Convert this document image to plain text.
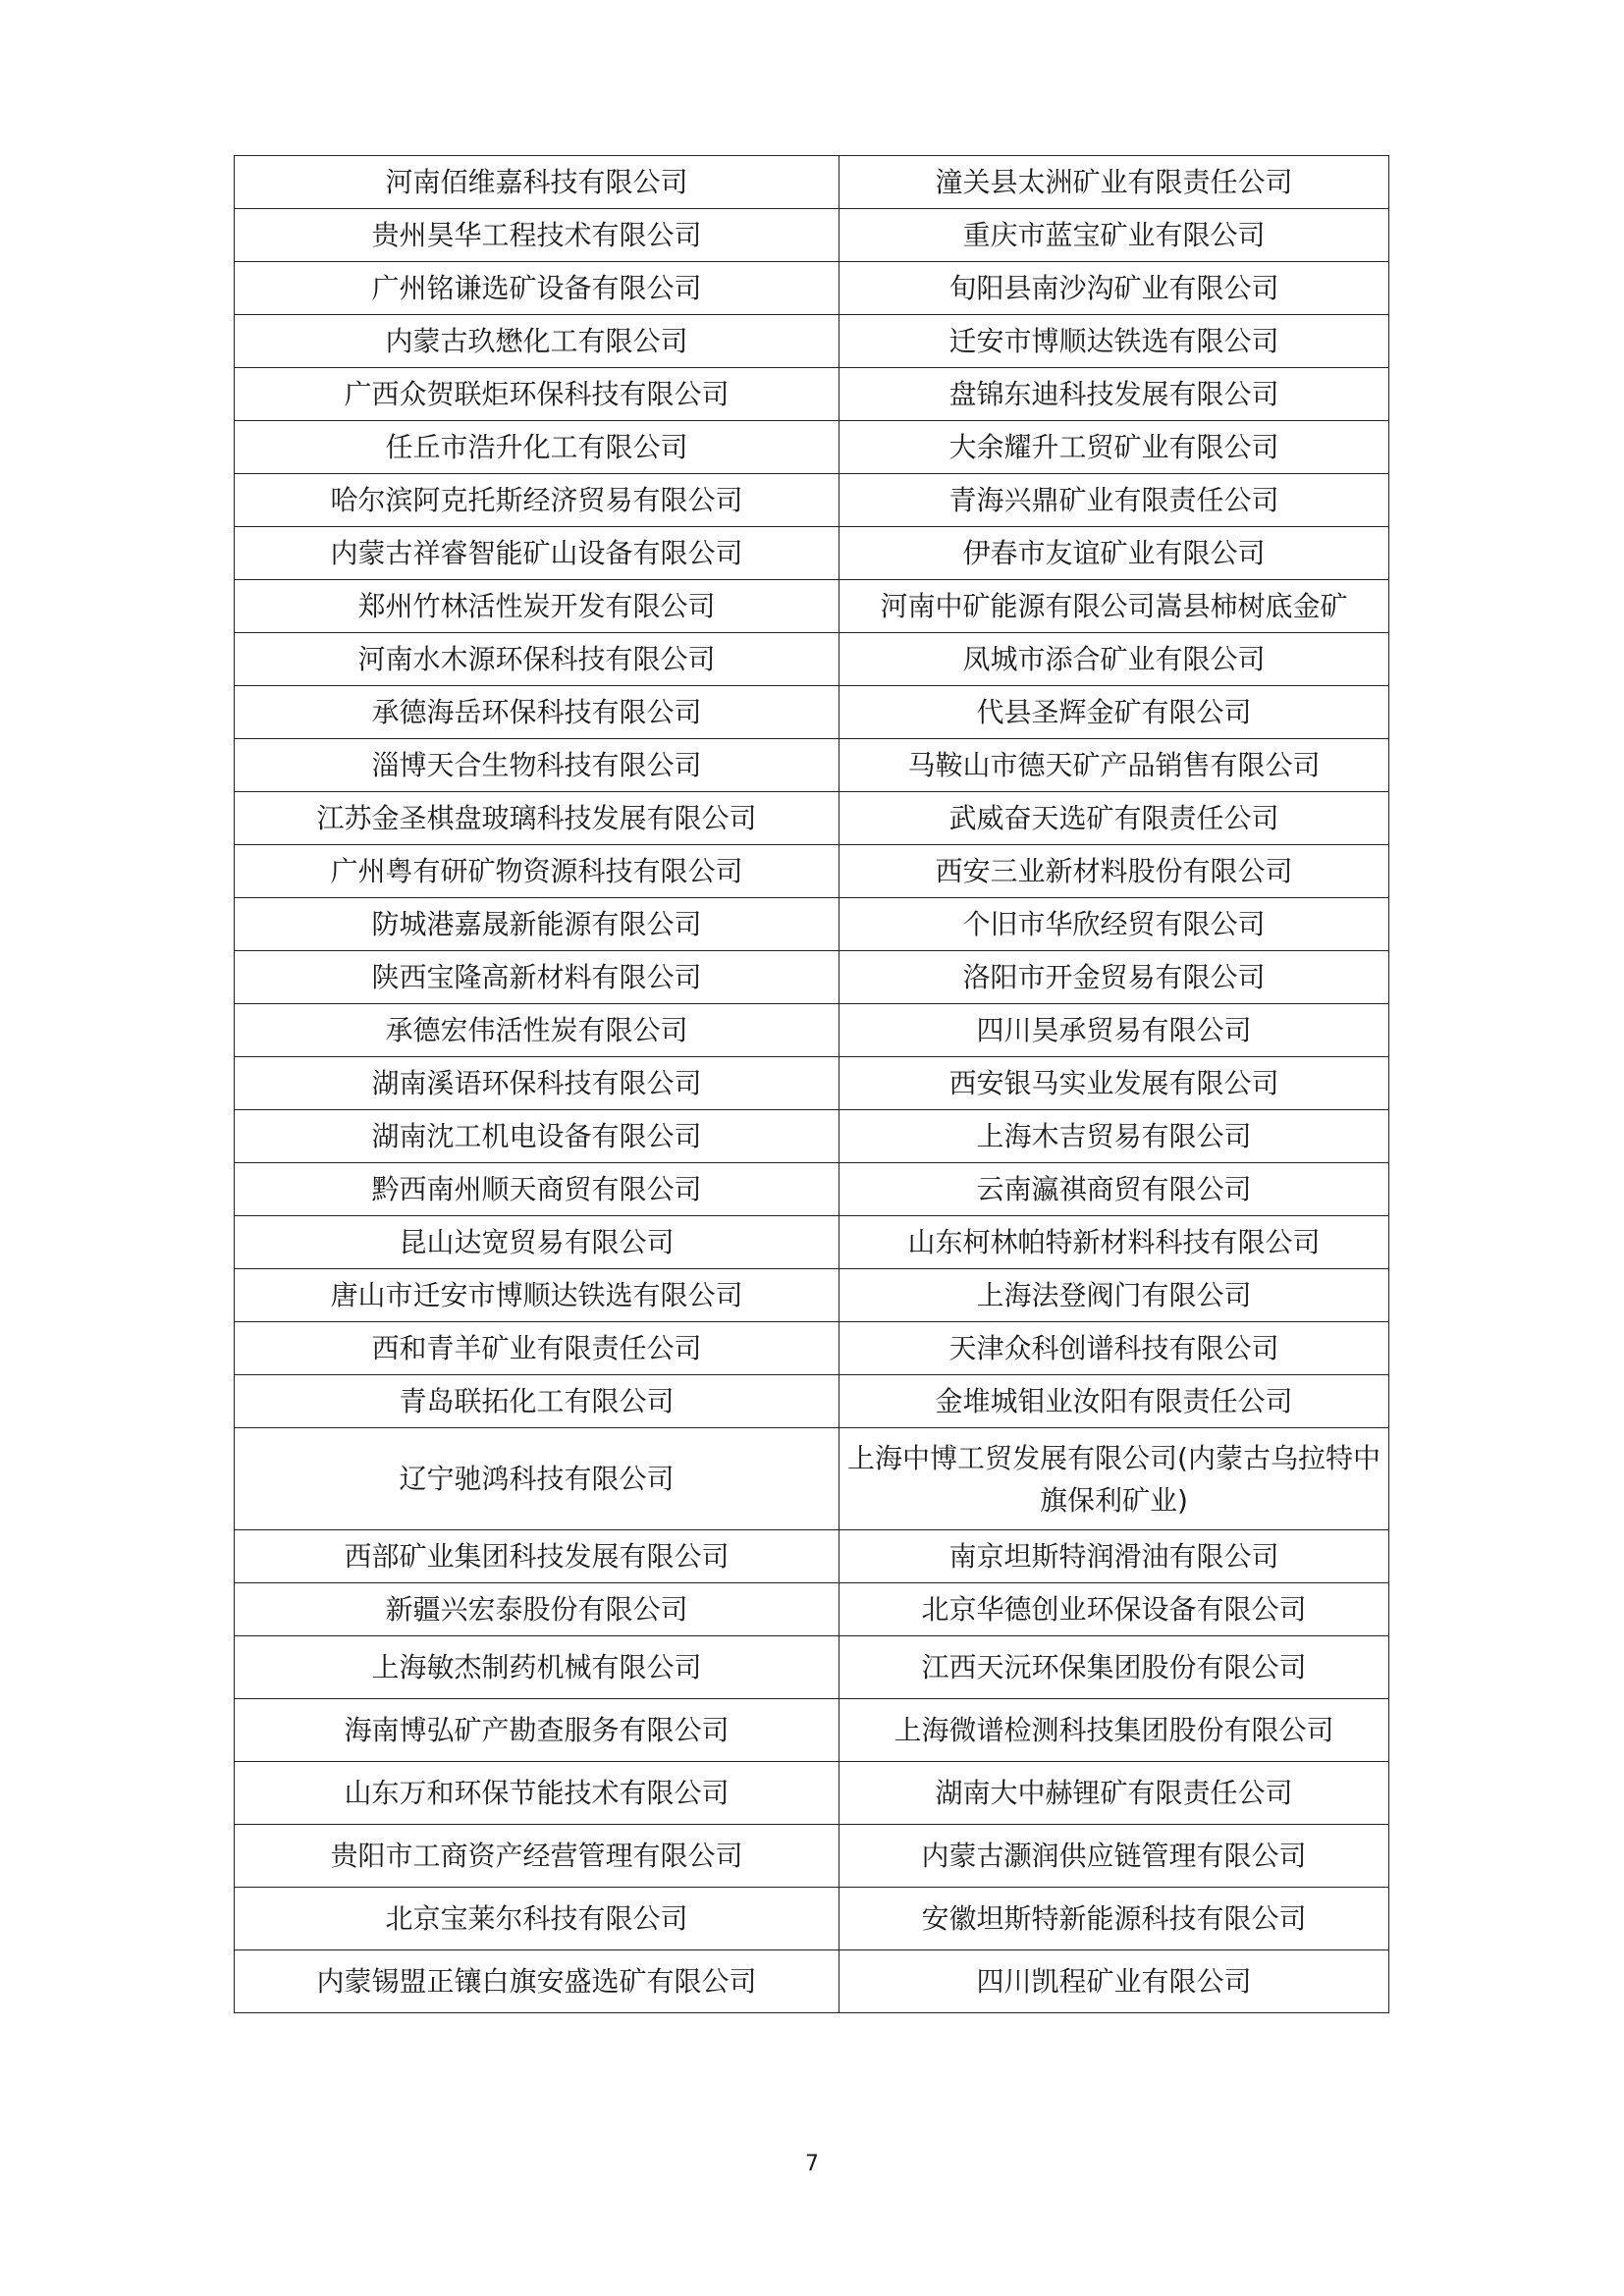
河南佰维嘉科技有限公司	潼关县太洲矿业有限责任公司
贵州昊华工程技术有限公司	重庆市蓝宝矿业有限公司
广州铭谦选矿设备有限公司	旬阳县南沙沟矿业有限公司
内蒙古玖懋化工有限公司	迁安市博顺达铁选有限公司
广西众贺联炬环保科技有限公司	盘锦东迪科技发展有限公司
任丘市浩升化工有限公司	大余耀升工贸矿业有限公司
哈尔滨阿克托斯经济贸易有限公司	青海兴鼎矿业有限责任公司
内蒙古祥睿智能矿山设备有限公司	伊春市友谊矿业有限公司
郑州竹林活性炭开发有限公司	河南中矿能源有限公司嵩县柿树底金矿
河南水木源环保科技有限公司	凤城市添合矿业有限公司
承德海岳环保科技有限公司	代县圣辉金矿有限公司
淄博天合生物科技有限公司	马鞍山市德天矿产品销售有限公司
江苏金圣棋盘玻璃科技发展有限公司	武威奋天选矿有限责任公司
广州粤有研矿物资源科技有限公司	西安三业新材料股份有限公司
防城港嘉晟新能源有限公司	个旧市华欣经贸有限公司
陕西宝隆高新材料有限公司	洛阳市开金贸易有限公司
承德宏伟活性炭有限公司	四川昊承贸易有限公司
湖南溪语环保科技有限公司	西安银马实业发展有限公司
湖南沈工机电设备有限公司	上海木吉贸易有限公司
黔西南州顺天商贸有限公司	云南瀛祺商贸有限公司
昆山达宽贸易有限公司	山东柯林帕特新材料科技有限公司
唐山市迁安市博顺达铁选有限公司	上海法登阀门有限公司
西和青羊矿业有限责任公司	天津众科创谱科技有限公司
青岛联拓化工有限公司	金堆城钼业汝阳有限责任公司
辽宁驰鸿科技有限公司	上海中博工贸发展有限公司(内蒙古乌拉特中旗保利矿业)
西部矿业集团科技发展有限公司	南京坦斯特润滑油有限公司
新疆兴宏泰股份有限公司	北京华德创业环保设备有限公司
上海敏杰制药机械有限公司	江西天沅环保集团股份有限公司
海南博弘矿产勘查服务有限公司	上海微谱检测科技集团股份有限公司
山东万和环保节能技术有限公司	湖南大中赫锂矿有限责任公司
贵阳市工商资产经营管理有限公司	内蒙古灏润供应链管理有限公司
北京宝莱尔科技有限公司	安徽坦斯特新能源科技有限公司
内蒙锡盟正镶白旗安盛选矿有限公司	四川凯程矿业有限公司
7
